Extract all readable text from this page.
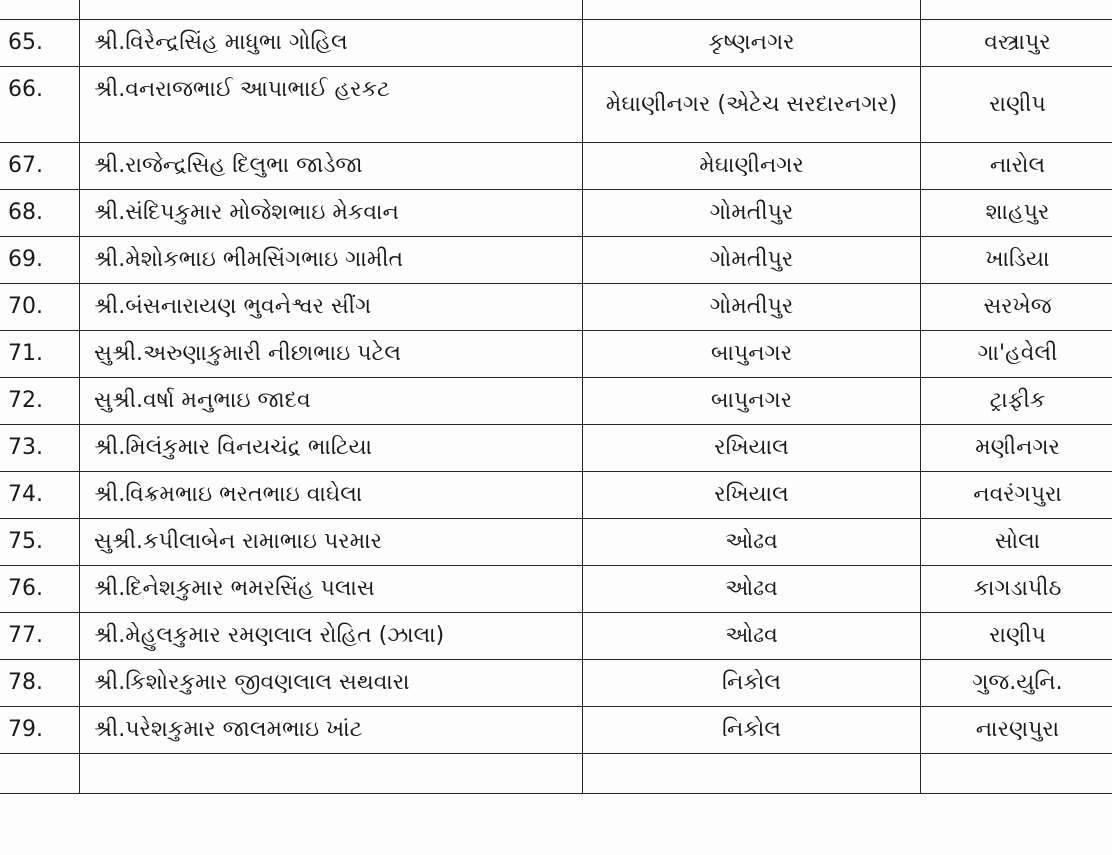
65.	શ્રી.વિરેન્દ્રસિંહ માધુભા ગોહિલ	કૃષ્ણનગર	વસ્ત્રાપુર
66.	શ્રી.વનરાજભાઈ આપાભાઈ હરકટ	મેઘાણીનગર (એટેચ સરદારનગર)	રાણીપ
67.	શ્રી.રાજેન્દ્રસિહ દિલુભા જાડેજા	મેઘાણીનગર	નારોલ
68.	શ્રી.સંદિપકુમાર મોજેશભાઇ મેકવાન	ગોમતીપુર	શાહપુર
69.	શ્રી.મેશોકભાઇ ભીમસિંગભાઇ ગામીત	ગોમતીપુર	ખાડિયા
70.	શ્રી.બંસનારાયણ ભુવનેશ્વર સીંગ	ગોમતીપુર	સરખેજ
71.	સુશ્રી.અરુણાકુમારી નીછાભાઇ પટેલ	બાપુનગર	ગા'હવેલી
72.	સુશ્રી.વર્ષા મનુભાઇ જાદવ	બાપુનગર	ટ્રાફીક
73.	શ્રી.મિલંકુમાર વિનયચંદ્ર ભાટિયા	રખિયાલ	મણીનગર
74.	શ્રી.વિક્રમભાઇ ભરતભાઇ વાઘેલા	રખિયાલ	નવરંગપુરા
75.	સુશ્રી.કપીલાબેન રામાભાઇ પરમાર	ઓઢવ	સોલા
76.	શ્રી.દિનેશકુમાર ભમરસિંહ પલાસ	ઓઢવ	કાગડાપીઠ
77.	શ્રી.મેહુલકુમાર રમણલાલ રોહિત (ઝાલા)	ઓઢવ	રાણીપ
78.	શ્રી.કિશોરકુમાર જીવણલાલ સથવારા	નિકોલ	ગુજ.યુનિ.
79.	શ્રી.પરેશકુમાર જાલમભાઇ ખાંટ	નિકોલ	નારણપુરા
